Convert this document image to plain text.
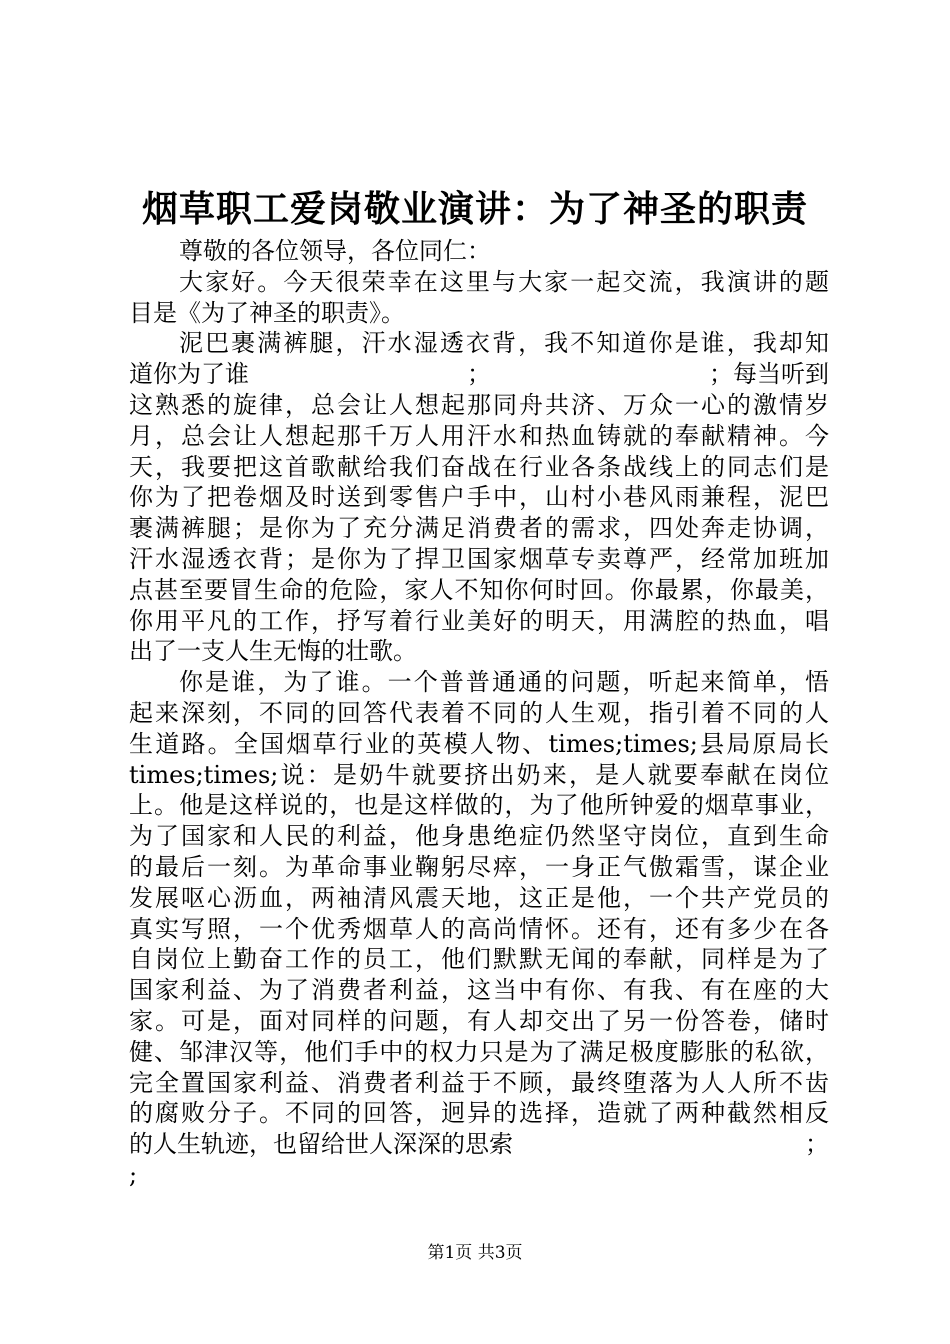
烟草职工爱岗敬业演讲：为了神圣的职责
尊敬的各位领导，各位同仁：
大家好。今天很荣幸在这里与大家一起交流，我演讲的题
目是《为了神圣的职责》。
泥巴裹满裤腿，汗水湿透衣背，我不知道你是谁，我却知
道你为了谁	；	；每当听到
这熟悉的旋律，总会让人想起那同舟共济、万众一心的激情岁
月，总会让人想起那千万人用汗水和热血铸就的奉献精神。今
天，我要把这首歌献给我们奋战在行业各条战线上的同志们是
你为了把卷烟及时送到零售户手中，山村小巷风雨兼程，泥巴
裹满裤腿；是你为了充分满足消费者的需求，四处奔走协调，
汗水湿透衣背；是你为了捍卫国家烟草专卖尊严，经常加班加
点甚至要冒生命的危险，家人不知你何时回。你最累，你最美，
你用平凡的工作，抒写着行业美好的明天，用满腔的热血，唱
出了一支人生无悔的壮歌。
你是谁，为了谁。一个普普通通的问题，听起来简单，悟
起来深刻，不同的回答代表着不同的人生观，指引着不同的人
生道路。全国烟草行业的英模人物、times;times;县局原局长
times;times;说：是奶牛就要挤出奶来，是人就要奉献在岗位
上。他是这样说的，也是这样做的，为了他所钟爱的烟草事业，
为了国家和人民的利益，他身患绝症仍然坚守岗位，直到生命
的最后一刻。为革命事业鞠躬尽瘁，一身正气傲霜雪，谋企业
发展呕心沥血，两袖清风震天地，这正是他，一个共产党员的
真实写照，一个优秀烟草人的高尚情怀。还有，还有多少在各
自岗位上勤奋工作的员工，他们默默无闻的奉献，同样是为了
国家利益、为了消费者利益，这当中有你、有我、有在座的大
家。可是，面对同样的问题，有人却交出了另一份答卷，储时
健、邹津汉等，他们手中的权力只是为了满足极度膨胀的私欲，
完全置国家利益、消费者利益于不顾，最终堕落为人人所不齿
的腐败分子。不同的回答，迥异的选择，造就了两种截然相反
的人生轨迹，也留给世人深深的思索	；
;
第1页 共3页
